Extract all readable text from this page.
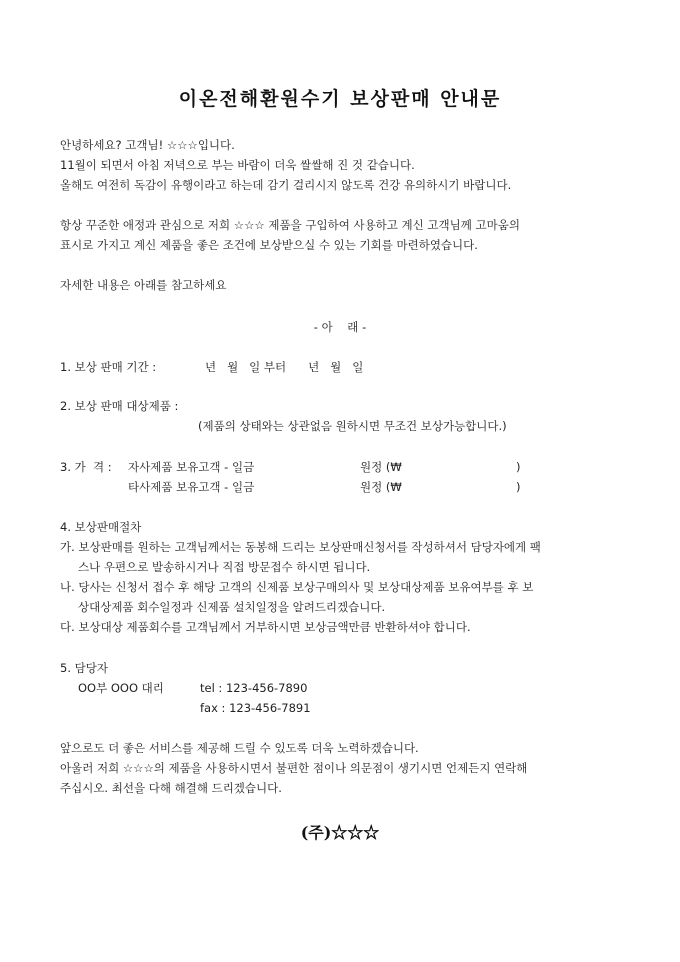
이온전해환원수기 보상판매 안내문
안녕하세요? 고객님! ☆☆☆입니다.
11월이 되면서 아침 저녁으로 부는 바람이 더욱 쌀쌀해 진 것 같습니다.
올해도 여전히 독감이 유행이라고 하는데 감기 걸리시지 않도록 건강 유의하시기 바랍니다.
항상 꾸준한 애정과 관심으로 저희 ☆☆☆ 제품을 구입하여 사용하고 계신 고객님께 고마움의
표시로 가지고 계신 제품을 좋은 조건에 보상받으실 수 있는 기회를 마련하였습니다.
자세한 내용은 아래를 참고하세요
- 아    래 -
1. 보상 판매 기간 :	년   월   일 부터      년   월   일
2. 보상 판매 대상제품 :
(제품의 상태와는 상관없음 원하시면 무조건 보상가능합니다.)
3. 가  격 : 자사제품 보유고객 - 일금	원정 (₩	)
타사제품 보유고객 - 일금	원정 (₩	)
4. 보상판매절차
가. 보상판매를 원하는 고객님께서는 동봉해 드리는 보상판매신청서를 작성하셔서 담당자에게 팩
스나 우편으로 발송하시거나 직접 방문접수 하시면 됩니다.
나. 당사는 신청서 접수 후 해당 고객의 신제품 보상구매의사 및 보상대상제품 보유여부를 후 보
상대상제품 회수일정과 신제품 설치일정을 알려드리겠습니다.
다. 보상대상 제품회수를 고객님께서 거부하시면 보상금액만큼 반환하셔야 합니다.
5. 담당자
OO부 OOO 대리	tel : 123-456-7890
fax : 123-456-7891
앞으로도 더 좋은 서비스를 제공해 드릴 수 있도록 더욱 노력하겠습니다.
아울러 저희 ☆☆☆의 제품을 사용하시면서 불편한 점이나 의문점이 생기시면 언제든지 연락해
주십시오. 최선을 다해 해결해 드리겠습니다.
(주)☆☆☆
